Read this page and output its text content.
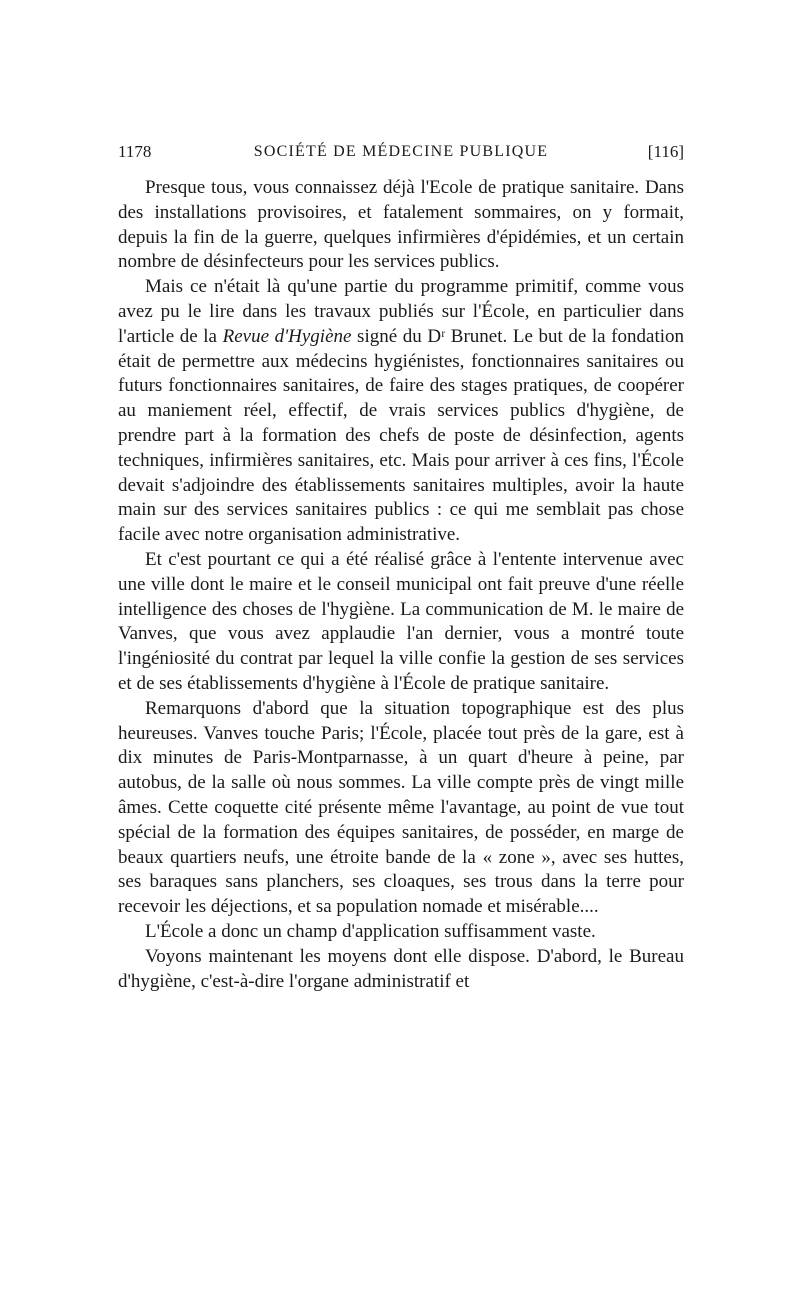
1178	SOCIÉTÉ DE MÉDECINE PUBLIQUE	[116]

Presque tous, vous connaissez déjà l'Ecole de pratique sanitaire. Dans des installations provisoires, et fatalement sommaires, on y formait, depuis la fin de la guerre, quelques infirmières d'épidémies, et un certain nombre de désinfecteurs pour les services publics.

Mais ce n'était là qu'une partie du programme primitif, comme vous avez pu le lire dans les travaux publiés sur l'École, en particulier dans l'article de la Revue d'Hygiène signé du Dʳ Brunet. Le but de la fondation était de permettre aux médecins hygiénistes, fonctionnaires sanitaires ou futurs fonctionnaires sanitaires, de faire des stages pratiques, de coopérer au maniement réel, effectif, de vrais services publics d'hygiène, de prendre part à la formation des chefs de poste de désinfection, agents techniques, infirmières sanitaires, etc. Mais pour arriver à ces fins, l'École devait s'adjoindre des établissements sanitaires multiples, avoir la haute main sur des services sanitaires publics : ce qui me semblait pas chose facile avec notre organisation administrative.

Et c'est pourtant ce qui a été réalisé grâce à l'entente intervenue avec une ville dont le maire et le conseil municipal ont fait preuve d'une réelle intelligence des choses de l'hygiène. La communication de M. le maire de Vanves, que vous avez applaudie l'an dernier, vous a montré toute l'ingéniosité du contrat par lequel la ville confie la gestion de ses services et de ses établissements d'hygiène à l'École de pratique sanitaire.

Remarquons d'abord que la situation topographique est des plus heureuses. Vanves touche Paris; l'École, placée tout près de la gare, est à dix minutes de Paris-Montparnasse, à un quart d'heure à peine, par autobus, de la salle où nous sommes. La ville compte près de vingt mille âmes. Cette coquette cité présente même l'avantage, au point de vue tout spécial de la formation des équipes sanitaires, de posséder, en marge de beaux quartiers neufs, une étroite bande de la « zone », avec ses huttes, ses baraques sans planchers, ses cloaques, ses trous dans la terre pour recevoir les déjections, et sa population nomade et misérable....

L'École a donc un champ d'application suffisamment vaste.

Voyons maintenant les moyens dont elle dispose. D'abord, le Bureau d'hygiène, c'est-à-dire l'organe administratif et
